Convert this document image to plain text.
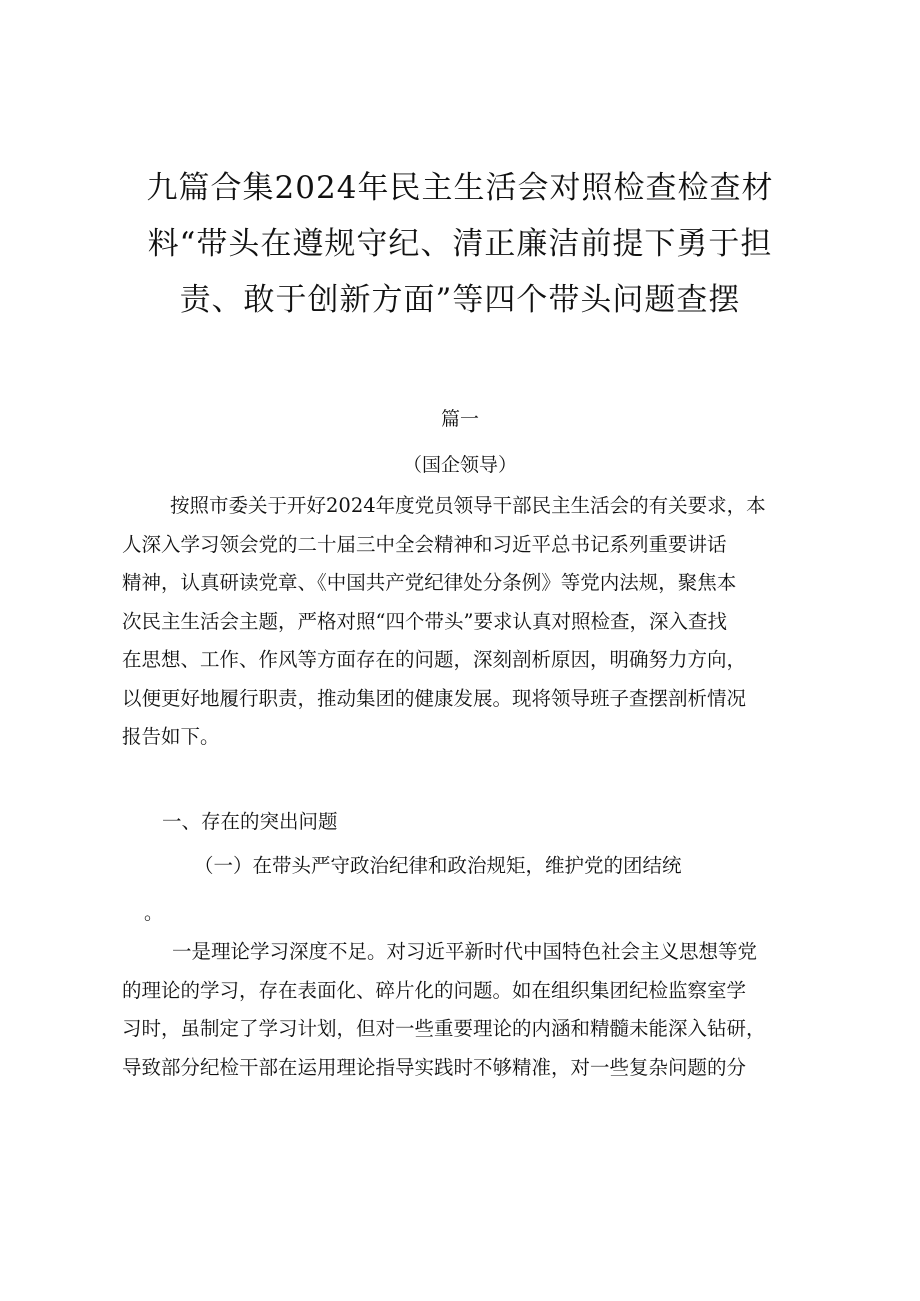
九篇合集2024年民主生活会对照检查检查材
料“带头在遵规守纪、清正廉洁前提下勇于担
责、敢于创新方面”等四个带头问题查摆
篇一
（国企领导）
按照市委关于开好2024年度党员领导干部民主生活会的有关要求，本
人深入学习领会党的二十届三中全会精神和习近平总书记系列重要讲话
精神，认真研读党章、《中国共产党纪律处分条例》等党内法规，聚焦本
次民主生活会主题，严格对照“四个带头”要求认真对照检查，深入查找
在思想、工作、作风等方面存在的问题，深刻剖析原因，明确努力方向，
以便更好地履行职责，推动集团的健康发展。现将领导班子查摆剖析情况
报告如下。
一、存在的突出问题
（一）在带头严守政治纪律和政治规矩，维护党的团结统
。
一是理论学习深度不足。对习近平新时代中国特色社会主义思想等党
的理论的学习，存在表面化、碎片化的问题。如在组织集团纪检监察室学
习时，虽制定了学习计划，但对一些重要理论的内涵和精髓未能深入钻研，
导致部分纪检干部在运用理论指导实践时不够精准，对一些复杂问题的分
